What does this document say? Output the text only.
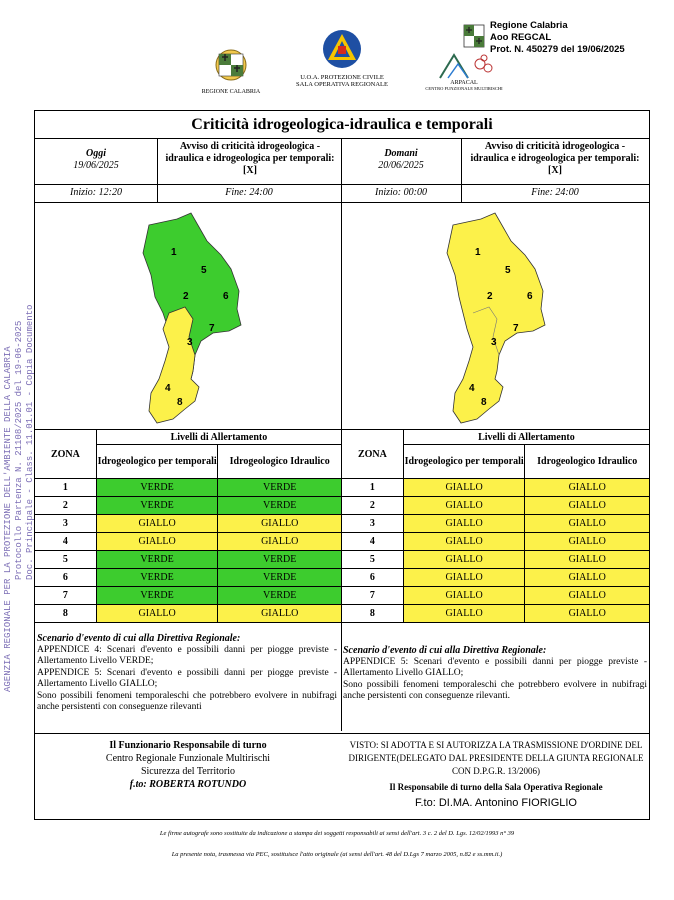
REGIONE CALABRIA
U.O.A. PROTEZIONE CIVILE
SALA OPERATIVA REGIONALE	ARPACAL
CENTRO FUNZIONALE MULTIRISCHI
Regione Calabria
Aoo REGCAL
Prot. N. 450279 del 19/06/2025
AGENZIA REGIONALE PER LA PROTEZIONE DELL'AMBIENTE DELLA CALABRIA Protocollo Partenza N. 21108/2025 del 19-06-2025 Doc. Principale - Class. 11.01.01 - Copia Documento
Criticità idrogeologica-idraulica e temporali
Oggi
19/06/2025
Avviso di criticità idrogeologica - idraulica e idrogeologica per temporali: [X]
Inizio: 12:20	Fine: 24:00
Domani
20/06/2025
Avviso di criticità idrogeologica - idraulica e idrogeologica per temporali: [X]
Inizio: 00:00	Fine: 24:00
1
5
2	6
7
3
4
8
1
5
2	6
7
3
4
8
ZONA	Livelli di Allertamento	
	Idrogeologico per temporali	Idrogeologico Idraulico
1	VERDE	VERDE
2	VERDE	VERDE
3	GIALLO	GIALLO
4	GIALLO	GIALLO
5	VERDE	VERDE
6	VERDE	VERDE
7	VERDE	VERDE
8	GIALLO	GIALLO
ZONA	Livelli di Allertamento	
	Idrogeologico per temporali	Idrogeologico Idraulico
1	GIALLO	GIALLO
2	GIALLO	GIALLO
3	GIALLO	GIALLO
4	GIALLO	GIALLO
5	GIALLO	GIALLO
6	GIALLO	GIALLO
7	GIALLO	GIALLO
8	GIALLO	GIALLO
Scenario d'evento di cui alla Direttiva Regionale:
APPENDICE 4: Scenari d'evento e possibili danni per piogge previste - Allertamento Livello VERDE;
APPENDICE 5: Scenari d'evento e possibili danni per piogge previste - Allertamento Livello GIALLO;
Sono possibili fenomeni temporaleschi che potrebbero evolvere in nubifragi anche persistenti con conseguenze rilevanti
Scenario d'evento di cui alla Direttiva Regionale:
APPENDICE 5: Scenari d'evento e possibili danni per piogge previste - Allertamento Livello GIALLO;
Sono possibili fenomeni temporaleschi che potrebbero evolvere in nubifragi anche persistenti con conseguenze rilevanti.
Il Funzionario Responsabile di turno
Centro Regionale Funzionale Multirischi
Sicurezza del Territorio
f.to: ROBERTA ROTUNDO
VISTO: SI ADOTTA E SI AUTORIZZA LA TRASMISSIONE D'ORDINE DEL DIRIGENTE(DELEGATO DAL PRESIDENTE DELLA GIUNTA REGIONALE CON D.P.G.R. 13/2006)
Il Responsabile di turno della Sala Operativa Regionale
F.to: DI.MA. Antonino FIORIGLIO
Le firme autografe sono sostituite da indicazione a stampa dei soggetti responsabili ai sensi dell'art. 3 c. 2 del D. Lgs. 12/02/1993 n° 39
La presente nota, trasmessa via PEC, sostituisce l'atto originale (ai sensi dell'art. 48 del D.Lgs 7 marzo 2005, n.82 e ss.mm.ii.)
